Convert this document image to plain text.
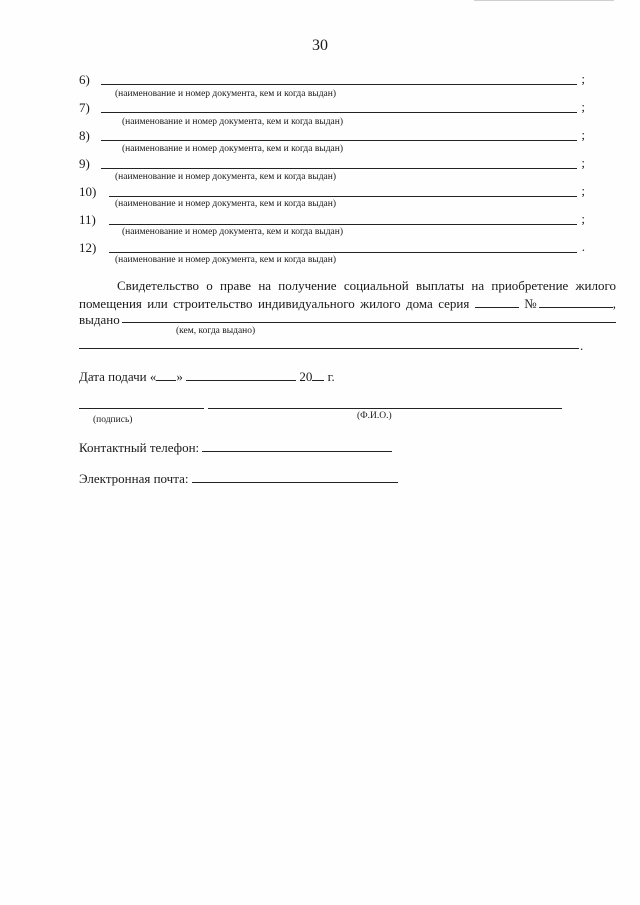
30
6)	;
(наименование и номер документа, кем и когда выдан)
7)	;
(наименование и номер документа, кем и когда выдан)
8)	;
(наименование и номер документа, кем и когда выдан)
9)	;
(наименование и номер документа, кем и когда выдан)
10)	;
(наименование и номер документа, кем и когда выдан)
11)	;
(наименование и номер документа, кем и когда выдан)
12)	.
(наименование и номер документа, кем и когда выдан)
Свидетельство о праве на получение социальной выплаты на приобретение жилого
помещения или строительство индивидуального жилого дома серия	№	,
выдано
(кем, когда выдано)
.
Дата подачи « »	20 г.
(подпись)	(Ф.И.О.)
Контактный телефон:
Электронная почта:
